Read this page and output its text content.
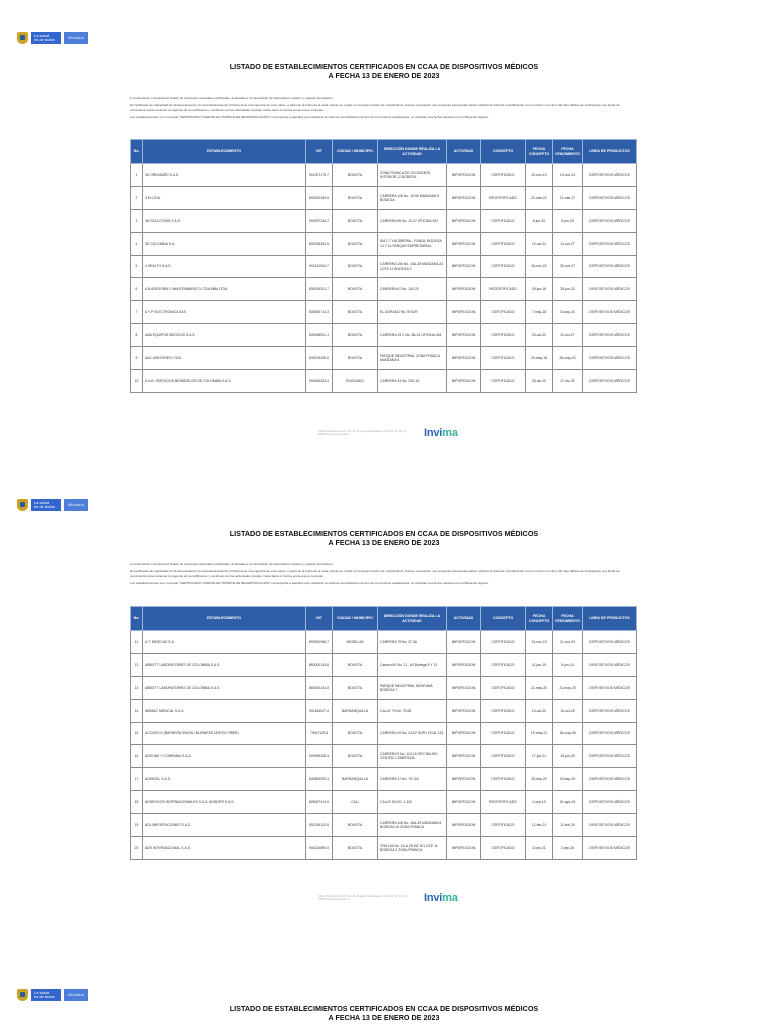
La salud
es de todos	Minsalud
LISTADO DE ESTABLECIMIENTOS CERTIFICADOS EN CCAA DE DISPOSITIVOS MÉDICOS
A FECHA 13 DE ENERO DE 2023

A continuación encontrará el listado de empresas nacionales certificadas, dedicadas a la importación de dispositivos médicos y equipos biomédicos.

El Certificado de Capacidad de Almacenamiento y/o Acondicionamiento (CCAA) tiene una vigencia de cinco años, a partir de la fecha de la visita, donde se expide el concepto técnico de cumplimiento. Para la renovación, las empresas interesadas deben solicitar la visita de recertificación como mínimo con cinco (5) días hábiles de anticipación a la fecha de vencimiento para mantener la vigencia de la certificación y continuar con las actividades propias, hasta tanto el Invima emita nuevo concepto.

Los establecimientos con concepto "CERTIFICADO VIGENTE EN TRÁMITE DE RECERTIFICACIÓN" corresponde a aquellos que solicitaron la visita de recertificación dentro de los términos establecidos, no obstante a la fecha mantienen la certificación vigente.

No.	ESTABLECIMIENTO	NIT	CIUDAD / MUNICIPIO	DIRECCIÓN DONDE REALIZA LA ACTIVIDAD	ACTIVIDAD	CONCEPTO	FECHA CONCEPTO	FECHA VENCIMIENTO	LINEA DE PRODUCTOS
1	3D ORISUMED S.A.S.	901307175-7	BOGOTA	ZONA FRANCA DE OCCIDENTE, INTERIOR 12 BODEGA	IMPORTACION	CERTIFICADO	20-nov-19	19-nov-24	DISPOSITIVOS MÉDICOS
2	3 M LTDA.	800150154-5	BOGOTA	CARRERA 106 No. 15-50 MANZANA 5 BODEGA	IMPORTACION	RECERTIFICADO	22-mar-22	21-mar-27	DISPOSITIVOS MÉDICOS
3	3M SOLUTIONS S.A.S.	900937240-2	BOGOTA	CARRERA 85 No. 10-37 OFICINA 402	IMPORTACION	CERTIFICADO	6-jun-20	5-jun-25	DISPOSITIVOS MÉDICOS
4	3S COLOMBIA S.A.	800035393-5	BOGOTA	KM 1.7 VIA SIBERIA - FUNZA, BODEGA 13 Y 14 PARQUE EMPRESARIAL	IMPORTACION	CERTIFICADO	12-oct-22	11-oct-27	DISPOSITIVOS MÉDICOS
5	4 HEALTH S.A.S.	901131004-7	BOGOTA	CARRERA 106 No. 15A-25 MANZANA 24 LOTE 11 BODEGA 3	IMPORTACION	CERTIFICADO	26-nov-22	25-nov-27	DISPOSITIVOS MÉDICOS
6	A B ASESORIA Y MANTENIMIENTO LTDA ABM LTDA.	830034201-7	BOGOTA	CARRERA 67 No. 100-20	IMPORTACION	RECERTIFICADO	26-jun-18	25-jun-23	DISPOSITIVOS MÉDICOS
7	A Y P ELECTRONICA SAS	830054714-3	BOGOTA	EL DORADO 96-78 SUR	IMPORTACION	CERTIFICADO	7-may-18	5-may-23	DISPOSITIVOS MÉDICOS
8	AAB EQUIPOS MEDICOS S.A.S.	830035001-1	BOGOTA	CARRERA 19 C No. 86-14 OFICINA 404	IMPORTACION	CERTIFICADO	23-oct-22	22-oct-27	DISPOSITIVOS MÉDICOS
9	AAC ASESORES LTDA.	830119430-0	BOGOTA	PARQUE INDUSTRIAL ZONA FRANCA MANZANA 5	IMPORTACION	CERTIFICADO	29-may-18	28-may-23	DISPOSITIVOS MÉDICOS
10	A.A.B. SERVICIOS BIOMEDICOS DE COLOMBIA S.A.S.	900544203-4	ENVIGADO	CARRERA 43 No. 23S-15	IMPORTACION	CERTIFICADO	28-dic-20	27-dic-25	DISPOSITIVOS MÉDICOS
Oficina Principal: Cra 10 N° 64 - 28 - Bogotá | Administrativo: Cra 10 N° 64 - 60 | (1) 2948700 | www.invima.gov.co	Invima
La salud
es de todos	Minsalud
LISTADO DE ESTABLECIMIENTOS CERTIFICADOS EN CCAA DE DISPOSITIVOS MÉDICOS
A FECHA 13 DE ENERO DE 2023

A continuación encontrará el listado de empresas nacionales certificadas, dedicadas a la importación de dispositivos médicos y equipos biomédicos.

El Certificado de Capacidad de Almacenamiento y/o Acondicionamiento (CCAA) tiene una vigencia de cinco años, a partir de la fecha de la visita, donde se expide el concepto técnico de cumplimiento. Para la renovación, las empresas interesadas deben solicitar la visita de recertificación como mínimo con cinco (5) días hábiles de anticipación a la fecha de vencimiento para mantener la vigencia de la certificación y continuar con las actividades propias, hasta tanto el Invima emita nuevo concepto.

Los establecimientos con concepto "CERTIFICADO VIGENTE EN TRÁMITE DE RECERTIFICACIÓN" corresponde a aquellos que solicitaron la visita de recertificación dentro de los términos establecidos, no obstante a la fecha mantienen la certificación vigente.

No.	ESTABLECIMIENTO	NIT	CIUDAD / MUNICIPIO	DIRECCIÓN DONDE REALIZA LA ACTIVIDAD	ACTIVIDAD	CONCEPTO	FECHA CONCEPTO	FECHA VENCIMIENTO	LINEA DE PRODUCTOS
11	A.T. MEDICAS S.A.	890931998-7	MEDELLIN	CARRERA 79 No. 37-36	IMPORTACION	CERTIFICADO	13-nov-19	11-nov-24	DISPOSITIVOS MÉDICOS
12	ABBOTT LABORATORIES DE COLOMBIA S.A.S.	860002134-8	BOGOTA	Carrera 90 No. 21 - 60 Bodega 5 Y 13	IMPORTACION	CERTIFICADO	11-jun-19	9-jun-24	DISPOSITIVOS MÉDICOS
13	ABBOTT LABORATORIES DE COLOMBIA S.A.S.	860002134-8	BOGOTA	PARQUE INDUSTRIAL MONTANA BODEGA 7	IMPORTACION	CERTIFICADO	22-may-20	21-may-25	DISPOSITIVOS MÉDICOS
14	ABIMAC MEDICAL S.A.S.	901184027-4	BARRANQUILLA	CALLE 79 No. 79-65	IMPORTACION	CERTIFICADO	10-oct-20	10-oct-25	DISPOSITIVOS MÉDICOS
15	ACCIVECO (BARRERA SIMON / BUSINESS UNITED FIBER)	79447129-8	BOGOTA	CARRERA 20 No. 23-02 SUR LOCAL 101	IMPORTACION	CERTIFICADO	19-may-21	18-may-26	DISPOSITIVOS MÉDICOS
16	ADELINE Y COMPANIA S.A.S.	900099208-3	BOGOTA	CARRERA 9 No. 113-15 OFICINA 801 CENTRO COMERCIAL	IMPORTACION	CERTIFICADO	17-jun-21	16-jun-26	DISPOSITIVOS MÉDICOS
17	ADENTAL S.A.S.	830500293-3	BARRANQUILLA	CARRERA 47 No. 79-104	IMPORTACION	CERTIFICADO	25-sep-20	24-sep-25	DISPOSITIVOS MÉDICOS
18	ADHESIVOS INTERNACIONALES S.A.S. ADINTER S.A.S.	805007414-9	CALI	CALLE 35 NO. 1-115	IMPORTACION	RECERTIFICADO	2-sep-19	31-ago-24	DISPOSITIVOS MÉDICOS
19	ADL IMPORTACIONES S.A.S.	901339120-8	BOGOTA	CARRERA 106 No. 15A-25 MANZANA 8 BODEGA 16 ZONA FRANCA	IMPORTACION	CERTIFICADO	12-feb-21	11-feb-26	DISPOSITIVOS MÉDICOS
20	ADS INTERNACIONAL S.A.S.	900324890-5	BOGOTA	CRA 106 No. 15-A-25 MZ 20 LOTE 11 BODEGA 2 ZONA FRANCA	IMPORTACION	CERTIFICADO	3-sep-21	2-sep-26	DISPOSITIVOS MÉDICOS
Oficina Principal: Cra 10 N° 64 - 28 - Bogotá | Administrativo: Cra 10 N° 64 - 60 | (1) 2948700 | www.invima.gov.co	Invima
La salud
es de todos	Minsalud
LISTADO DE ESTABLECIMIENTOS CERTIFICADOS EN CCAA DE DISPOSITIVOS MÉDICOS
A FECHA 13 DE ENERO DE 2023
